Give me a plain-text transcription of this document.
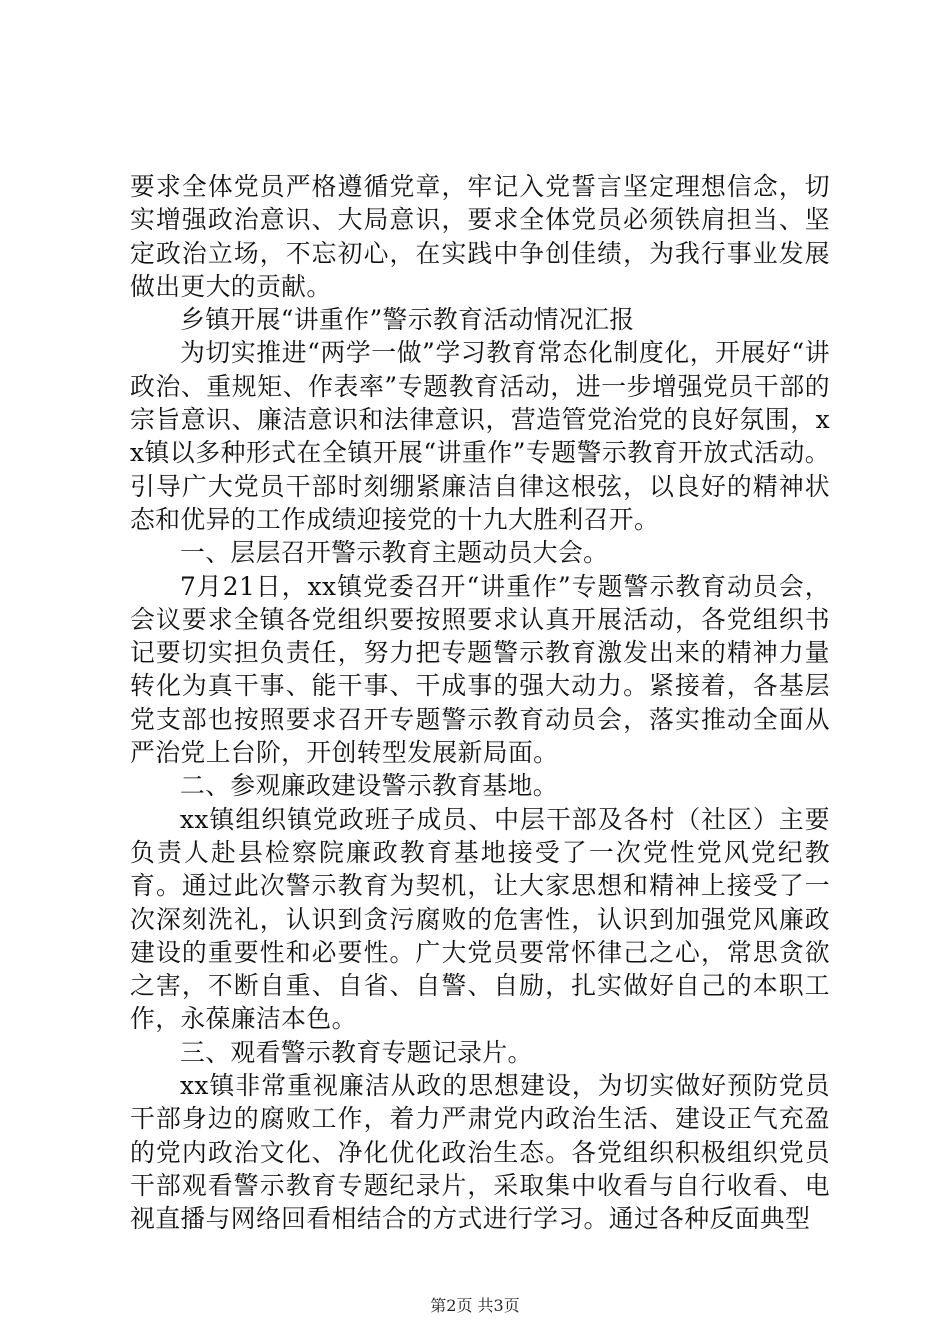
要求全体党员严格遵循党章，牢记入党誓言坚定理想信念，切实增强政治意识、大局意识，要求全体党员必须铁肩担当、坚定政治立场，不忘初心，在实践中争创佳绩，为我行事业发展做出更大的贡献。

乡镇开展“讲重作”警示教育活动情况汇报

为切实推进“两学一做”学习教育常态化制度化，开展好“讲政治、重规矩、作表率”专题教育活动，进一步增强党员干部的宗旨意识、廉洁意识和法律意识，营造管党治党的良好氛围，xx镇以多种形式在全镇开展“讲重作”专题警示教育开放式活动。引导广大党员干部时刻绷紧廉洁自律这根弦，以良好的精神状态和优异的工作成绩迎接党的十九大胜利召开。

一、层层召开警示教育主题动员大会。

7月21日，xx镇党委召开“讲重作”专题警示教育动员会，会议要求全镇各党组织要按照要求认真开展活动，各党组织书记要切实担负责任，努力把专题警示教育激发出来的精神力量转化为真干事、能干事、干成事的强大动力。紧接着，各基层党支部也按照要求召开专题警示教育动员会，落实推动全面从严治党上台阶，开创转型发展新局面。

二、参观廉政建设警示教育基地。

xx镇组织镇党政班子成员、中层干部及各村（社区）主要负责人赴县检察院廉政教育基地接受了一次党性党风党纪教育。通过此次警示教育为契机，让大家思想和精神上接受了一次深刻洗礼，认识到贪污腐败的危害性，认识到加强党风廉政建设的重要性和必要性。广大党员要常怀律己之心，常思贪欲之害，不断自重、自省、自警、自励，扎实做好自己的本职工作，永葆廉洁本色。

三、观看警示教育专题记录片。

xx镇非常重视廉洁从政的思想建设，为切实做好预防党员干部身边的腐败工作，着力严肃党内政治生活、建设正气充盈的党内政治文化、净化优化政治生态。各党组织积极组织党员干部观看警示教育专题纪录片，采取集中收看与自行收看、电视直播与网络回看相结合的方式进行学习。通过各种反面典型

第2页 共3页
